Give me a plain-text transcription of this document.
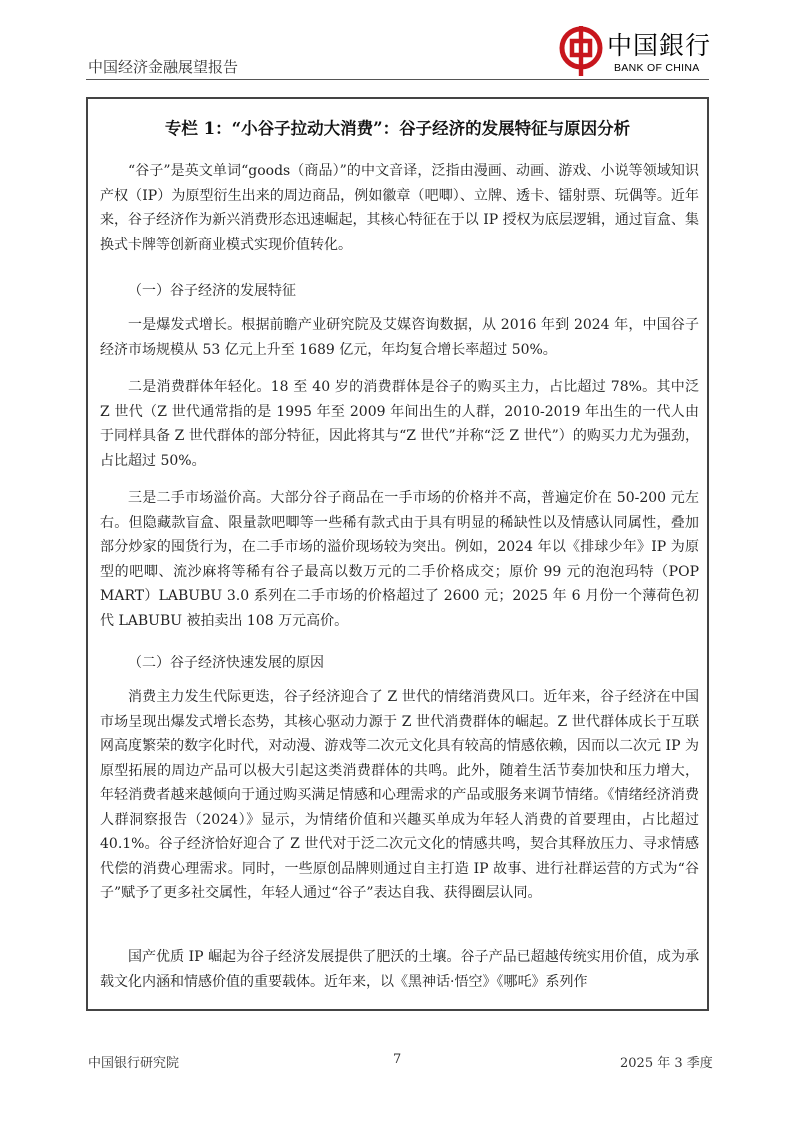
中国经济金融展望报告
中国銀行
BANK OF CHINA
专栏 1：“小谷子拉动大消费”：谷子经济的发展特征与原因分析

“谷子”是英文单词“goods（商品）”的中文音译，泛指由漫画、动画、游戏、小说等领域知识产权（IP）为原型衍生出来的周边商品，例如徽章（吧唧）、立牌、透卡、镭射票、玩偶等。近年来，谷子经济作为新兴消费形态迅速崛起，其核心特征在于以 IP 授权为底层逻辑，通过盲盒、集换式卡牌等创新商业模式实现价值转化。

（一）谷子经济的发展特征

一是爆发式增长。根据前瞻产业研究院及艾媒咨询数据，从 2016 年到 2024 年，中国谷子经济市场规模从 53 亿元上升至 1689 亿元，年均复合增长率超过 50%。

二是消费群体年轻化。18 至 40 岁的消费群体是谷子的购买主力，占比超过 78%。其中泛 Z 世代（Z 世代通常指的是 1995 年至 2009 年间出生的人群，2010-2019 年出生的一代人由于同样具备 Z 世代群体的部分特征，因此将其与“Z 世代”并称“泛 Z 世代”）的购买力尤为强劲，占比超过 50%。

三是二手市场溢价高。大部分谷子商品在一手市场的价格并不高，普遍定价在 50-200 元左右。但隐藏款盲盒、限量款吧唧等一些稀有款式由于具有明显的稀缺性以及情感认同属性，叠加部分炒家的囤货行为，在二手市场的溢价现场较为突出。例如，2024 年以《排球少年》IP 为原型的吧唧、流沙麻将等稀有谷子最高以数万元的二手价格成交；原价 99 元的泡泡玛特（POP MART）LABUBU 3.0 系列在二手市场的价格超过了 2600 元；2025 年 6 月份一个薄荷色初代 LABUBU 被拍卖出 108 万元高价。

（二）谷子经济快速发展的原因

消费主力发生代际更迭，谷子经济迎合了 Z 世代的情绪消费风口。近年来，谷子经济在中国市场呈现出爆发式增长态势，其核心驱动力源于 Z 世代消费群体的崛起。Z 世代群体成长于互联网高度繁荣的数字化时代，对动漫、游戏等二次元文化具有较高的情感依赖，因而以二次元 IP 为原型拓展的周边产品可以极大引起这类消费群体的共鸣。此外，随着生活节奏加快和压力增大，年轻消费者越来越倾向于通过购买满足情感和心理需求的产品或服务来调节情绪。《情绪经济消费人群洞察报告（2024）》显示，为情绪价值和兴趣买单成为年轻人消费的首要理由，占比超过 40.1%。谷子经济恰好迎合了 Z 世代对于泛二次元文化的情感共鸣，契合其释放压力、寻求情感代偿的消费心理需求。同时，一些原创品牌则通过自主打造 IP 故事、进行社群运营的方式为“谷子”赋予了更多社交属性，年轻人通过“谷子”表达自我、获得圈层认同。

国产优质 IP 崛起为谷子经济发展提供了肥沃的土壤。谷子产品已超越传统实用价值，成为承载文化内涵和情感价值的重要载体。近年来，以《黑神话·悟空》《哪吒》系列作

中国银行研究院	7	2025 年 3 季度
